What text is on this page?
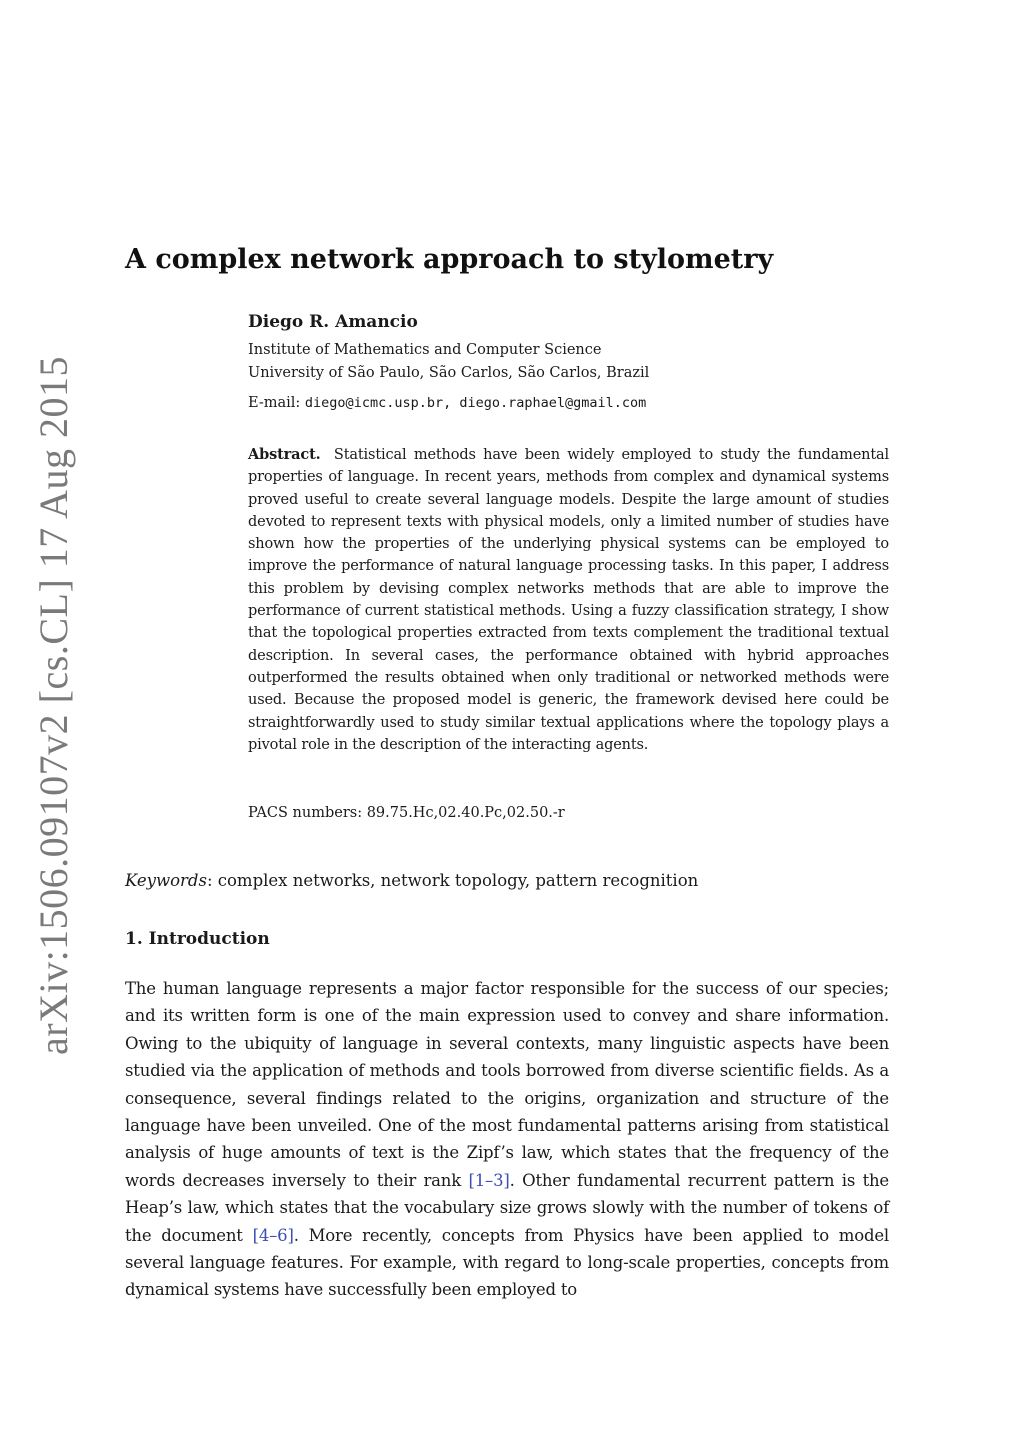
arXiv:1506.09107v2 [cs.CL] 17 Aug 2015
A complex network approach to stylometry
Diego R. Amancio
Institute of Mathematics and Computer Science
University of São Paulo, São Carlos, São Carlos, Brazil
E-mail: diego@icmc.usp.br, diego.raphael@gmail.com
Abstract. Statistical methods have been widely employed to study the fundamental properties of language. In recent years, methods from complex and dynamical systems proved useful to create several language models. Despite the large amount of studies devoted to represent texts with physical models, only a limited number of studies have shown how the properties of the underlying physical systems can be employed to improve the performance of natural language processing tasks. In this paper, I address this problem by devising complex networks methods that are able to improve the performance of current statistical methods. Using a fuzzy classification strategy, I show that the topological properties extracted from texts complement the traditional textual description. In several cases, the performance obtained with hybrid approaches outperformed the results obtained when only traditional or networked methods were used. Because the proposed model is generic, the framework devised here could be straightforwardly used to study similar textual applications where the topology plays a pivotal role in the description of the interacting agents.
PACS numbers: 89.75.Hc,02.40.Pc,02.50.-r
Keywords: complex networks, network topology, pattern recognition
1. Introduction
The human language represents a major factor responsible for the success of our species; and its written form is one of the main expression used to convey and share information. Owing to the ubiquity of language in several contexts, many linguistic aspects have been studied via the application of methods and tools borrowed from diverse scientific fields. As a consequence, several findings related to the origins, organization and structure of the language have been unveiled. One of the most fundamental patterns arising from statistical analysis of huge amounts of text is the Zipf’s law, which states that the frequency of the words decreases inversely to their rank [1–3]. Other fundamental recurrent pattern is the Heap’s law, which states that the vocabulary size grows slowly with the number of tokens of the document [4–6]. More recently, concepts from Physics have been applied to model several language features. For example, with regard to long-scale properties, concepts from dynamical systems have successfully been employed to
